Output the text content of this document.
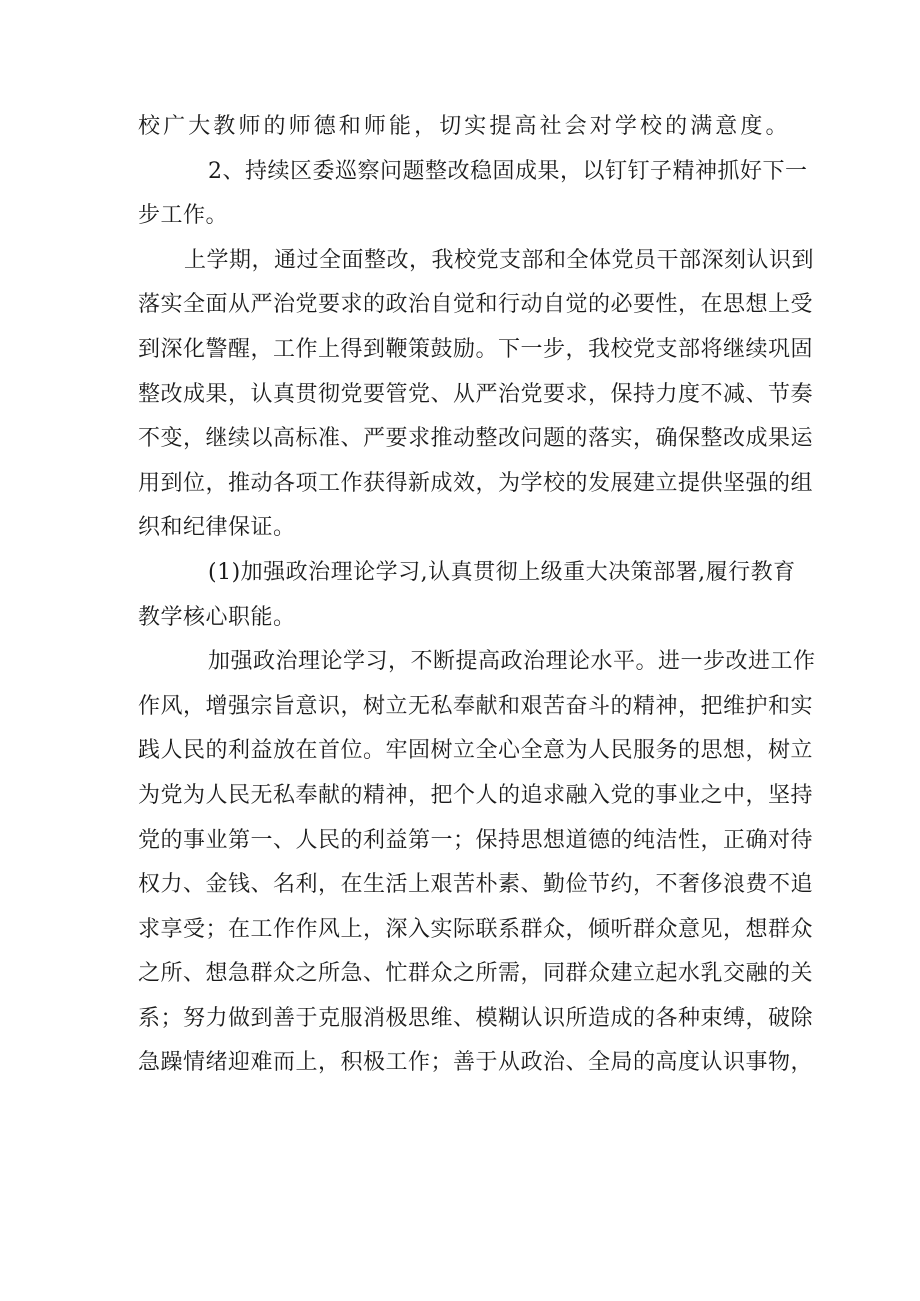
校广大教师的师德和师能，切实提高社会对学校的满意度。
2、持续区委巡察问题整改稳固成果，以钉钉子精神抓好下一
步工作。
上学期，通过全面整改，我校党支部和全体党员干部深刻认识到
落实全面从严治党要求的政治自觉和行动自觉的必要性，在思想上受
到深化警醒，工作上得到鞭策鼓励。下一步，我校党支部将继续巩固
整改成果，认真贯彻党要管党、从严治党要求，保持力度不减、节奏
不变，继续以高标准、严要求推动整改问题的落实，确保整改成果运
用到位，推动各项工作获得新成效，为学校的发展建立提供坚强的组
织和纪律保证。
(1)加强政治理论学习,认真贯彻上级重大决策部署,履行教育
教学核心职能。
加强政治理论学习，不断提高政治理论水平。进一步改进工作
作风，增强宗旨意识，树立无私奉献和艰苦奋斗的精神，把维护和实
践人民的利益放在首位。牢固树立全心全意为人民服务的思想，树立
为党为人民无私奉献的精神，把个人的追求融入党的事业之中，坚持
党的事业第一、人民的利益第一；保持思想道德的纯洁性，正确对待
权力、金钱、名利，在生活上艰苦朴素、勤俭节约，不奢侈浪费不追
求享受；在工作作风上，深入实际联系群众，倾听群众意见，想群众
之所、想急群众之所急、忙群众之所需，同群众建立起水乳交融的关
系；努力做到善于克服消极思维、模糊认识所造成的各种束缚，破除
急躁情绪迎难而上，积极工作；善于从政治、全局的高度认识事物，
